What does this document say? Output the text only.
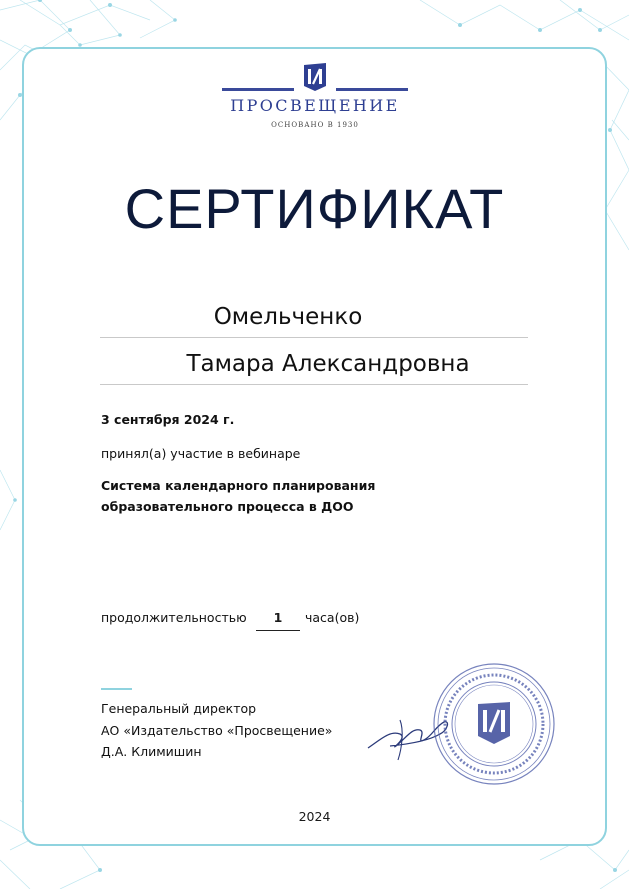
ПРОСВЕЩЕНИЕ
ОСНОВАНО В 1930
СЕРТИФИКАТ
Омельченко
Тамара Александровна
3 сентября 2024 г.
принял(а) участие в вебинаре
Система календарного планирования
образовательного процесса в ДОО
продолжительностью	1	часа(ов)
Генеральный директор
АО «Издательство «Просвещение»
Д.А. Климишин
2024
